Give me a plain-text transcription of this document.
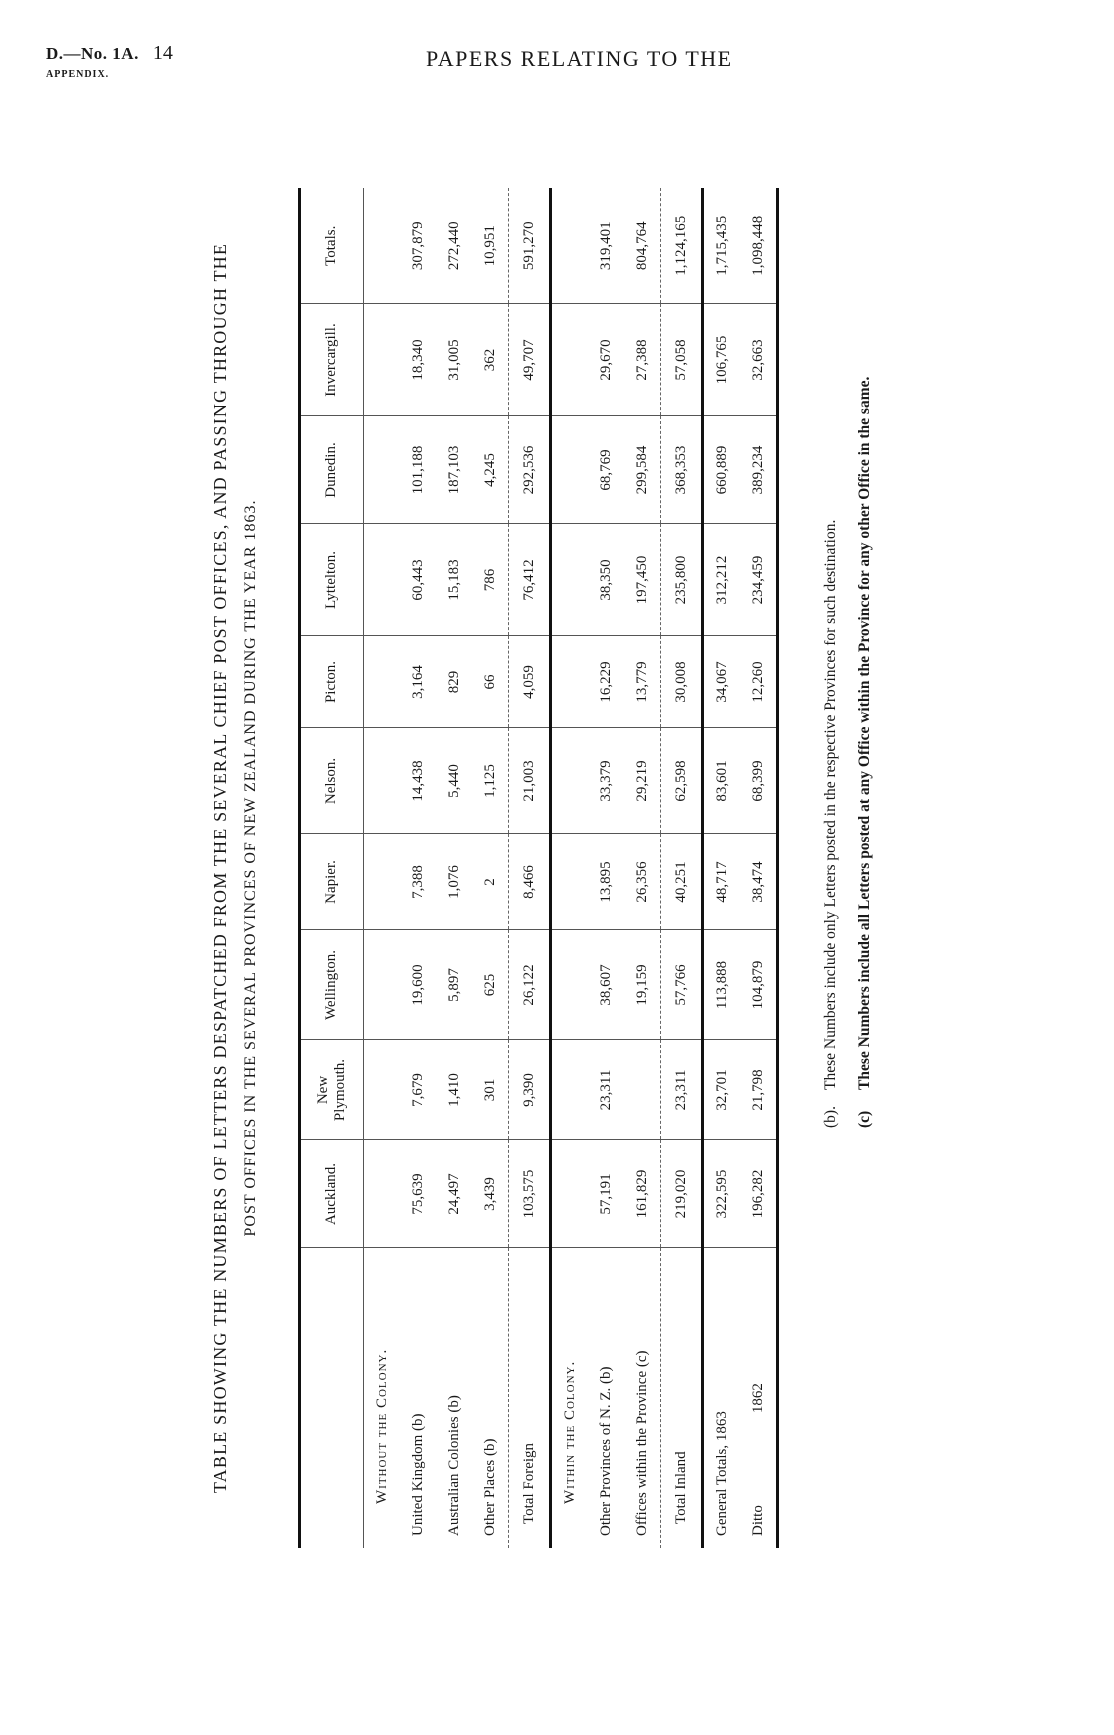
D.—No. 1A. 14
APPENDIX.
PAPERS RELATING TO THE
TABLE SHOWING THE NUMBERS OF LETTERS DESPATCHED FROM THE SEVERAL CHIEF POST OFFICES, AND PASSING THROUGH THE POST OFFICES IN THE SEVERAL PROVINCES OF NEW ZEALAND DURING THE YEAR 1863.
		Auckland.	New Plymouth.	Wellington.	Napier.	Nelson.	Picton.	Lyttelton.	Dunedin.	Invercargill.	Totals.
Without the Colony.										
United Kingdom (b)	75,639	7,679	19,600	7,388	14,438	3,164	60,443	101,188	18,340	307,879
Australian Colonies (b)	24,497	1,410	5,897	1,076	5,440	829	15,183	187,103	31,005	272,440
Other Places (b)	3,439	301	625	2	1,125	66	786	4,245	362	10,951
Total Foreign	103,575	9,390	26,122	8,466	21,003	4,059	76,412	292,536	49,707	591,270
Within the Colony.										
Other Provinces of N. Z. (b)	57,191	23,311	38,607	13,895	33,379	16,229	38,350	68,769	29,670	319,401
Offices within the Province (c)	161,829		19,159	26,356	29,219	13,779	197,450	299,584	27,388	804,764
Total Inland	219,020	23,311	57,766	40,251	62,598	30,008	235,800	368,353	57,058	1,124,165
General Totals, 1863	322,595	32,701	113,888	48,717	83,601	34,067	312,212	660,889	106,765	1,715,435
Ditto1862	196,282	21,798	104,879	38,474	68,399	12,260	234,459	389,234	32,663	1,098,448
(b).These Numbers include only Letters posted in the respective Provinces for such destination.
(c)These Numbers include all Letters posted at any Office within the Province for any other Office in the same.
